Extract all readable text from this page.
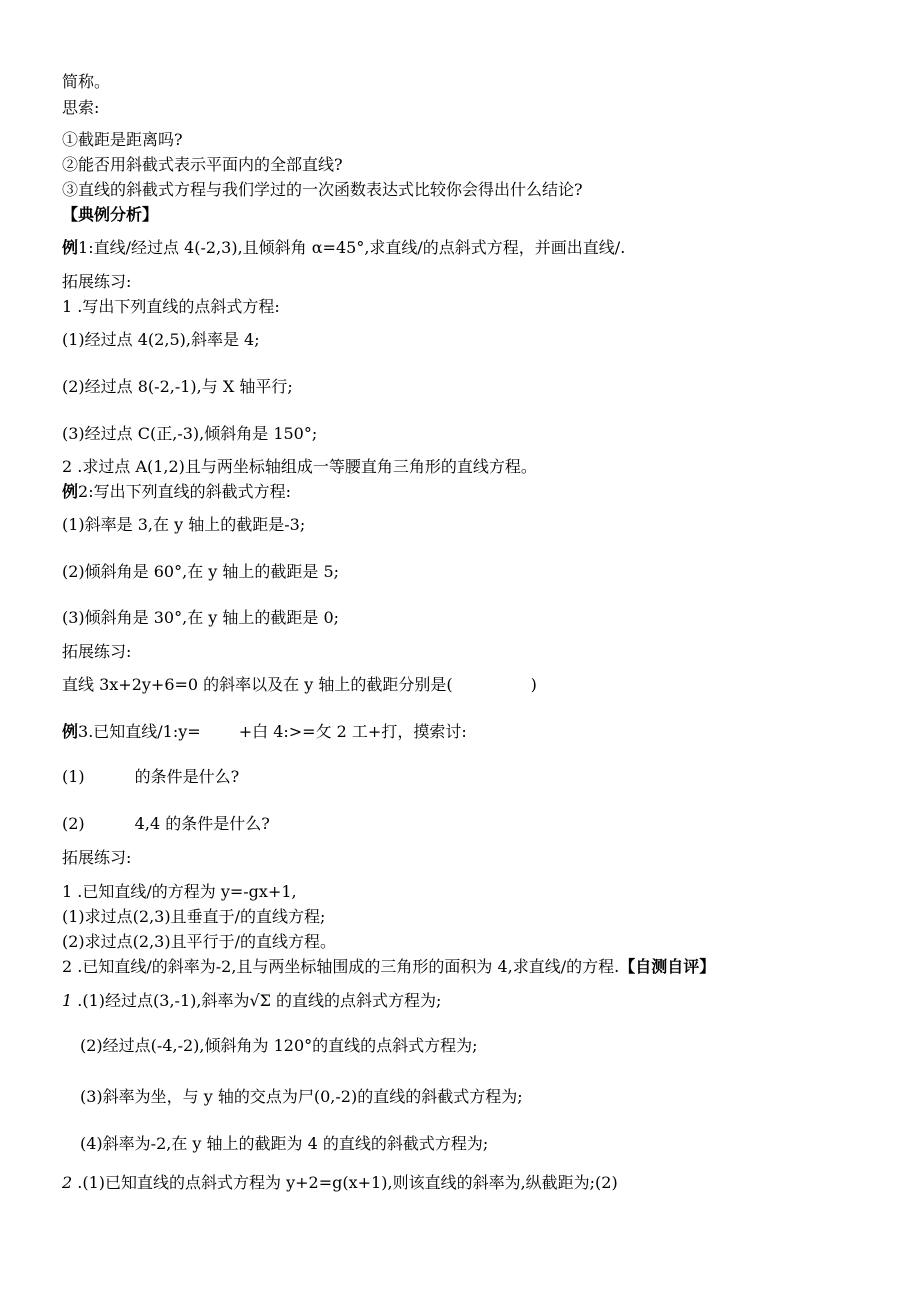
简称。
思索:
①截距是距离吗?
②能否用斜截式表示平面内的全部直线?
③直线的斜截式方程与我们学过的一次函数表达式比较你会得出什么结论?
【典例分析】
例1:直线/经过点 4(-2,3),且倾斜角 α=45°,求直线/的点斜式方程，并画出直线/.
拓展练习:
1 .写出下列直线的点斜式方程:
(1)经过点 4(2,5),斜率是 4;
(2)经过点 8(-2,-1),与 X 轴平行;
(3)经过点 C(正,-3),倾斜角是 150°;
2 .求过点 A(1,2)且与两坐标轴组成一等腰直角三角形的直线方程。
例2:写出下列直线的斜截式方程:
(1)斜率是 3,在 y 轴上的截距是-3;
(2)倾斜角是 60°,在 y 轴上的截距是 5;
(3)倾斜角是 30°,在 y 轴上的截距是 0;
拓展练习:
直线 3x+2y+6=0 的斜率以及在 y 轴上的截距分别是(	)
例3.已知直线/1:y= +白 4:>=攵 2 工+打，摸索讨:
(1)	的条件是什么?
(2)	4,4 的条件是什么?
拓展练习:
1 .已知直线/的方程为 y=-gx+1,
(1)求过点(2,3)且垂直于/的直线方程;
(2)求过点(2,3)且平行于/的直线方程。
2 .已知直线/的斜率为-2,且与两坐标轴围成的三角形的面积为 4,求直线/的方程.【自测自评】
1 .(1)经过点(3,-1),斜率为√Σ 的直线的点斜式方程为;
(2)经过点(-4,-2),倾斜角为 120°的直线的点斜式方程为;
(3)斜率为坐，与 y 轴的交点为尸(0,-2)的直线的斜截式方程为;
(4)斜率为-2,在 y 轴上的截距为 4 的直线的斜截式方程为;
2 .(1)已知直线的点斜式方程为 y+2=g(x+1),则该直线的斜率为,纵截距为;(2)
